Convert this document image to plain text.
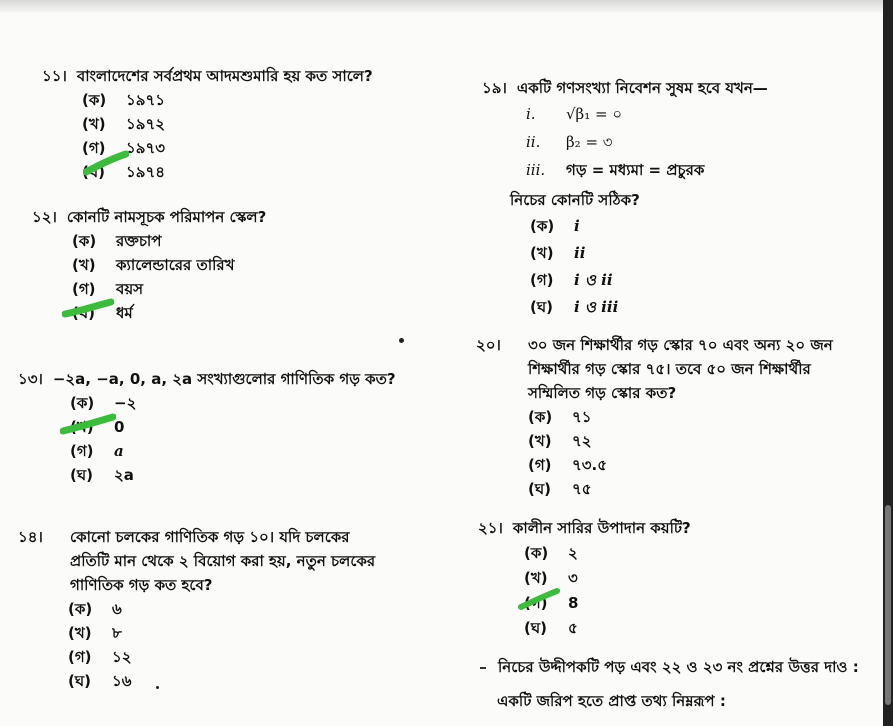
১১। বাংলাদেশের সর্বপ্রথম আদমশুমারি হয় কত সালে?
(ক)	১৯৭১
(খ)	১৯৭২
(গ)	১৯৭৩
(ঘ)	১৯৭৪
১২। কোনটি নামসূচক পরিমাপন স্কেল?
(ক)	রক্তচাপ
(খ)	ক্যালেন্ডারের তারিখ
(গ)	বয়স
(ঘ)	ধর্ম
১৩। −২a, −a, 0, a, ২a সংখ্যাগুলোর গাণিতিক গড় কত?
(ক)	−২
(খ)	0
(গ)	a
(ঘ)	২a
১৪।	কোনো চলকের গাণিতিক গড় ১০। যদি চলকের
প্রতিটি মান থেকে ২ বিয়োগ করা হয়, নতুন চলকের
গাণিতিক গড় কত হবে?
(ক)	৬
(খ)	৮
(গ)	১২
(ঘ)	১৬
১৯। একটি গণসংখ্যা নিবেশন সুষম হবে যখন—
i.	√β₁ = ০
ii.	β₂ = ৩
iii.	গড় = মধ্যমা = প্রচুরক
নিচের কোনটি সঠিক?
(ক)	i
(খ)	ii
(গ)	i ও ii
(ঘ)	i ও iii
২০।	৩০ জন শিক্ষার্থীর গড় স্কোর ৭০ এবং অন্য ২০ জন
শিক্ষার্থীর গড় স্কোর ৭৫। তবে ৫০ জন শিক্ষার্থীর
সম্মিলিত গড় স্কোর কত?
(ক)	৭১
(খ)	৭২
(গ)	৭৩.৫
(ঘ)	৭৫
২১। কালীন সারির উপাদান কয়টি?
(ক)	২
(খ)	৩
(গ)	8
(ঘ)	৫
নিচের উদ্দীপকটি পড় এবং ২২ ও ২৩ নং প্রশ্নের উত্তর দাও :
একটি জরিপ হতে প্রাপ্ত তথ্য নিম্নরূপ :
